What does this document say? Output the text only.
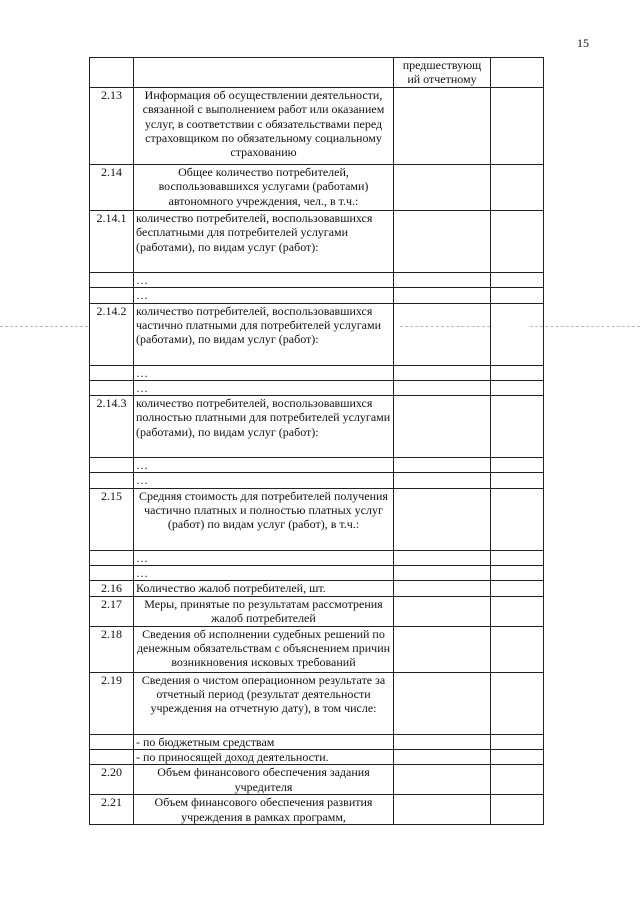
15
		предшествующ ий отчетному	
2.13	Информация об осуществлении деятельности, связанной с выполнением работ или оказанием услуг, в соответствии с обязательствами перед страховщиком по обязательному социальному страхованию		
2.14	Общее количество потребителей, воспользовавшихся услугами (работами) автономного учреждения, чел., в т.ч.:		
2.14.1	количество потребителей, воспользовавшихся бесплатными для потребителей услугами (работами), по видам услуг (работ):		
	…		
	…		
2.14.2	количество потребителей, воспользовавшихся частично платными для потребителей услугами (работами), по видам услуг (работ):		
	…		
	…		
2.14.3	количество потребителей, воспользовавшихся полностью платными для потребителей услугами (работами), по видам услуг (работ):		
	…		
	…		
2.15	Средняя стоимость для потребителей получения частично платных и полностью платных услуг (работ) по видам услуг (работ), в т.ч.:		
	…		
	…		
2.16	Количество жалоб потребителей, шт.		
2.17	Меры, принятые по результатам рассмотрения жалоб потребителей		
2.18	Сведения об исполнении судебных решений по денежным обязательствам с объяснением причин возникновения исковых требований		
2.19	Сведения о чистом операционном результате за отчетный период (результат деятельности учреждения на отчетную дату), в том числе:		
	- по бюджетным средствам		
	- по приносящей доход деятельности.		
2.20	Объем финансового обеспечения задания учредителя		
2.21	Объем финансового обеспечения развития учреждения в рамках программ,		
